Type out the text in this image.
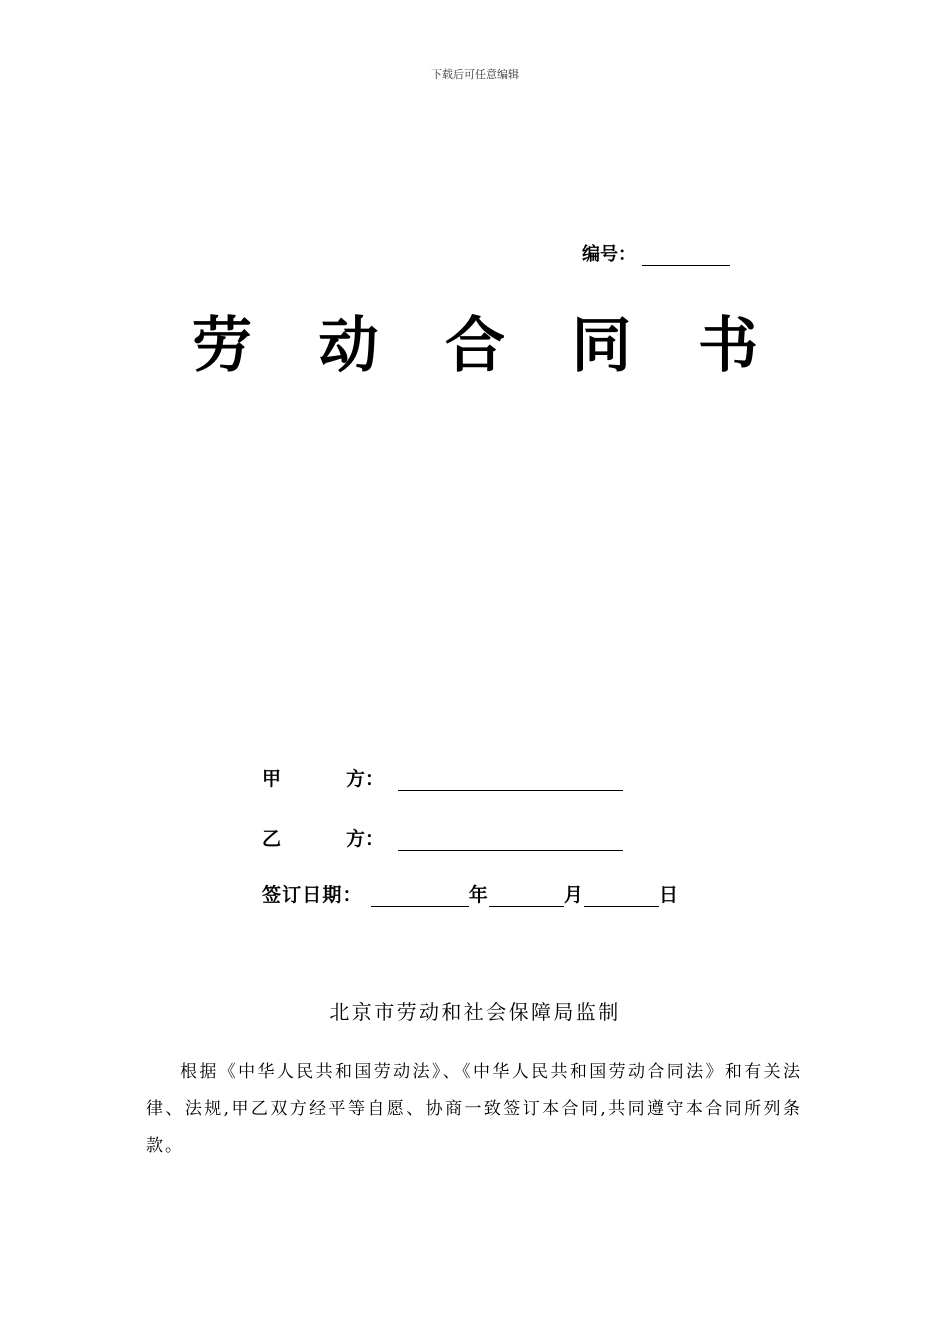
下载后可任意编辑
编号：
劳 动 合 同 书
甲	方：
乙	方：
签订日期：	年	月	日
北京市劳动和社会保障局监制

根据《中华人民共和国劳动法》、《中华人民共和国劳动合同法》和有关法律、法规,甲乙双方经平等自愿、协商一致签订本合同,共同遵守本合同所列条款。
